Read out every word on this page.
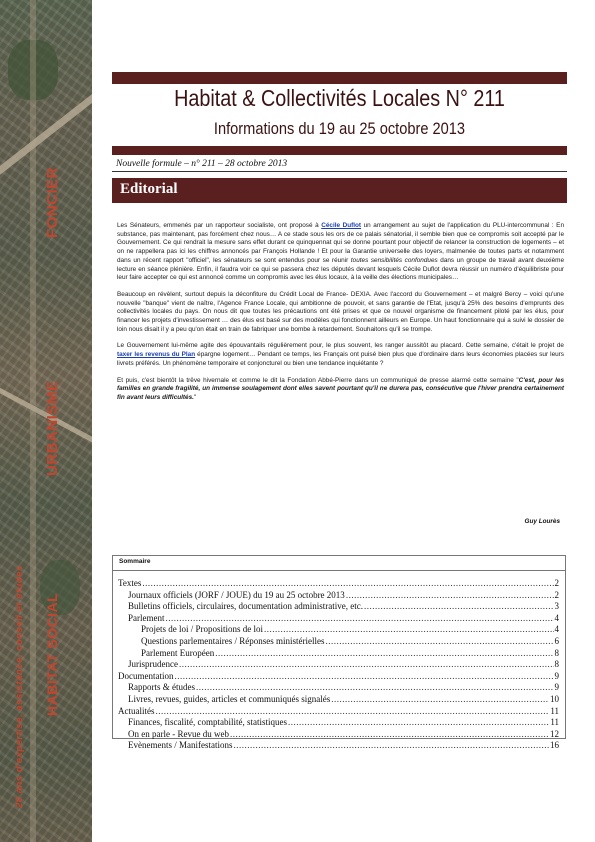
FONCIER
URBANISME
HABITAT SOCIAL
20 ans d'expertise, assistance, conseil et études
Habitat & Collectivités Locales N° 211
Informations du 19 au 25 octobre 2013
Nouvelle formule – n° 211 – 28 octobre 2013
Editorial

Les Sénateurs, emmenés par un rapporteur socialiste, ont proposé à Cécile Duflot un arrangement au sujet de l'application du PLU-intercommunal : En substance, pas maintenant, pas forcément chez nous… A ce stade sous les ors de ce palais sénatorial, il semble bien que ce compromis soit accepté par le Gouvernement. Ce qui rendrait la mesure sans effet durant ce quinquennat qui se donne pourtant pour objectif de relancer la construction de logements – et on ne rappellera pas ici les chiffres annoncés par François Hollande ! Et pour la Garantie universelle des loyers, malmenée de toutes parts et notamment dans un récent rapport "officiel", les sénateurs se sont entendus pour se réunir toutes sensibilités confondues dans un groupe de travail avant deuxième lecture en séance plénière. Enfin, il faudra voir ce qui se passera chez les députés devant lesquels Cécile Duflot devra réussir un numéro d'équilibriste pour leur faire accepter ce qui est annoncé comme un compromis avec les élus locaux, à la veille des élections municipales…

Beaucoup en révèlent, surtout depuis la déconfiture du Crédit Local de France- DEXIA. Avec l'accord du Gouvernement – et malgré Bercy – voici qu'une nouvelle "banque" vient de naître, l'Agence France Locale, qui ambitionne de pouvoir, et sans garantie de l'Etat, jusqu'à 25% des besoins d'emprunts des collectivités locales du pays. On nous dit que toutes les précautions ont été prises et que ce nouvel organisme de financement piloté par les élus, pour financer les projets d'investissement … des élus est basé sur des modèles qui fonctionnent ailleurs en Europe. Un haut fonctionnaire qui a suivi le dossier de loin nous disait il y a peu qu'on était en train de fabriquer une bombe à retardement. Souhaitons qu'il se trompe.

Le Gouvernement lui-même agite des épouvantails régulièrement pour, le plus souvent, les ranger aussitôt au placard. Cette semaine, c'était le projet de taxer les revenus du Plan épargne logement… Pendant ce temps, les Français ont puisé bien plus que d'ordinaire dans leurs économies placées sur leurs livrets préférés. Un phénomène temporaire et conjoncturel ou bien une tendance inquiétante ?

Et puis, c'est bientôt la trêve hivernale et comme le dit la Fondation Abbé-Pierre dans un communiqué de presse alarmé cette semaine "C'est, pour les familles en grande fragilité, un immense soulagement dont elles savent pourtant qu'il ne durera pas, consécutive que l'hiver prendra certainement fin avant leurs difficultés."

Guy Lourès
Sommaire
Textes .....	2
Journaux officiels (JORF / JOUE) du 19 au 25 octobre 2013 .....	2
Bulletins officiels, circulaires, documentation administrative, etc. .....	3
Parlement .....	4
Projets de loi / Propositions de loi .....	4
Questions parlementaires / Réponses ministérielles .....	6
Parlement Européen .....	8
Jurisprudence .....	8
Documentation .....	9
Rapports & études .....	9
Livres, revues, guides, articles et communiqués signalés .....	10
Actualités .....	11
Finances, fiscalité, comptabilité, statistiques .....	11
On en parle - Revue du web .....	12
Evènements / Manifestations .....	16
